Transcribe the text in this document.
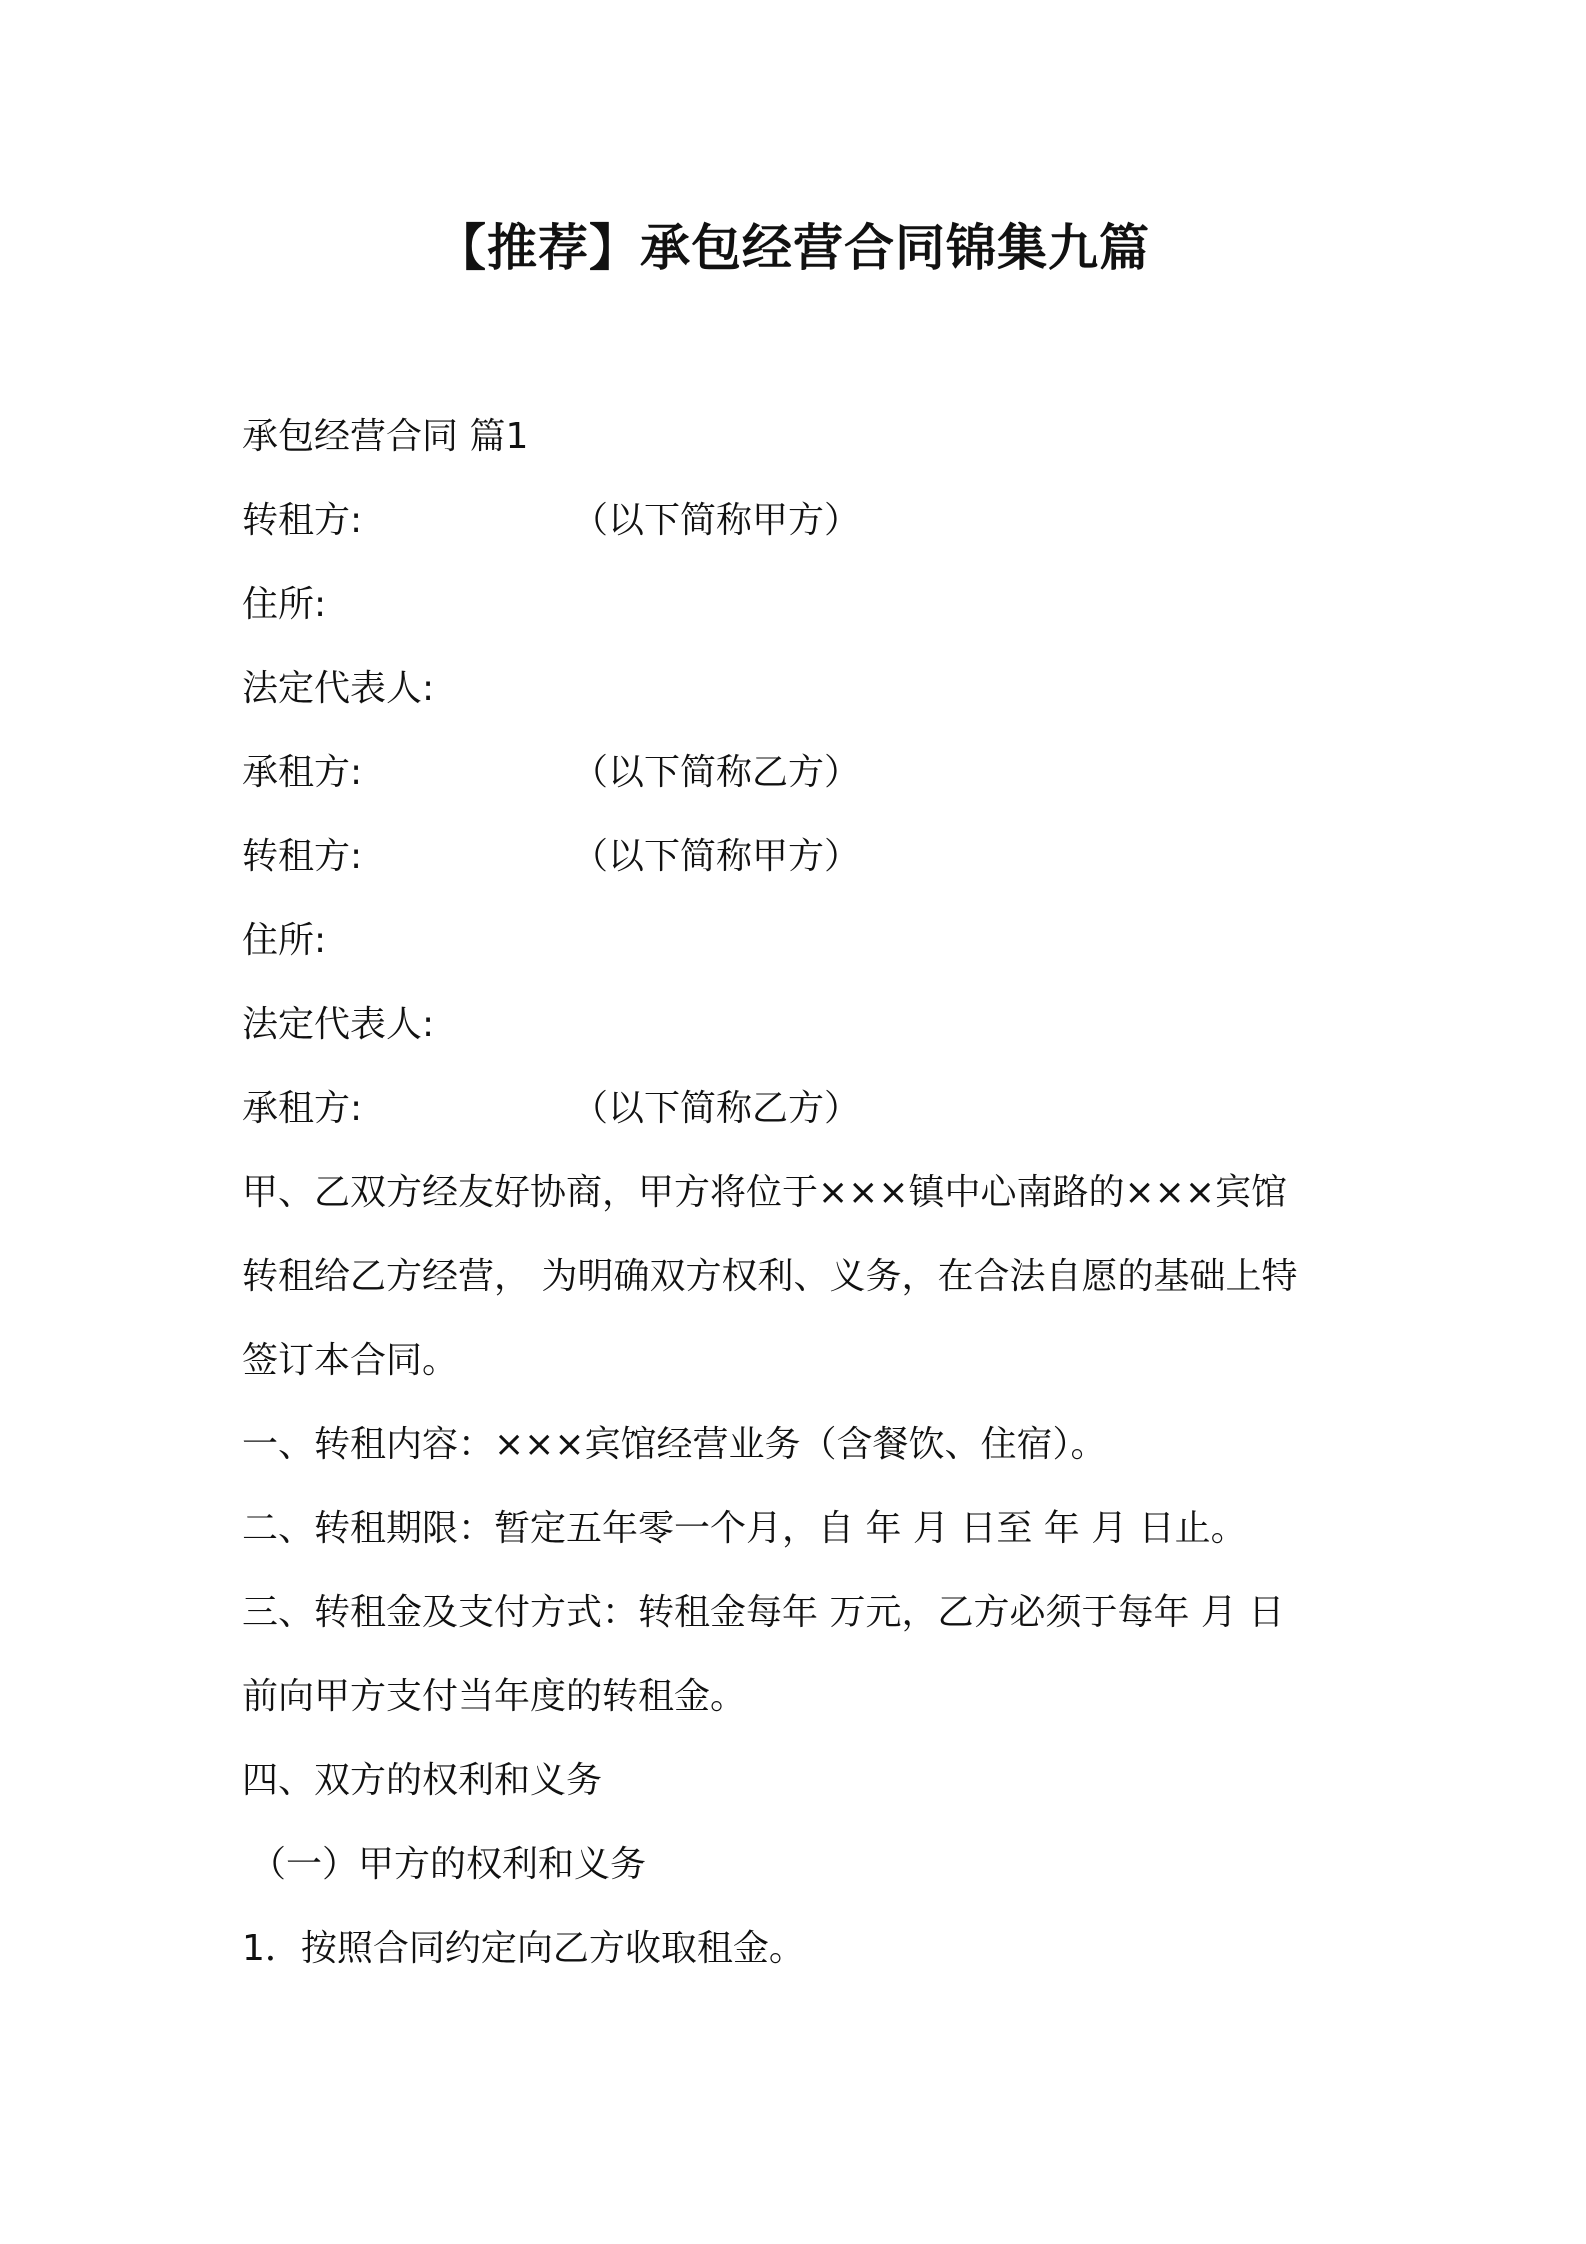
【推荐】承包经营合同锦集九篇
承包经营合同 篇1
转租方:	（以下简称甲方）
住所:
法定代表人:
承租方:	（以下简称乙方）
转租方:	（以下简称甲方）
住所:
法定代表人:
承租方:	（以下简称乙方）
甲、乙双方经友好协商，甲方将位于×××镇中心南路的×××宾馆
转租给乙方经营， 为明确双方权利、义务，在合法自愿的基础上特
签订本合同。
一、转租内容：×××宾馆经营业务（含餐饮、住宿）。
二、转租期限：暂定五年零一个月，自 年 月 日至 年 月 日止。
三、转租金及支付方式：转租金每年 万元，乙方必须于每年 月 日
前向甲方支付当年度的转租金。
四、双方的权利和义务
（一）甲方的权利和义务
1．按照合同约定向乙方收取租金。
